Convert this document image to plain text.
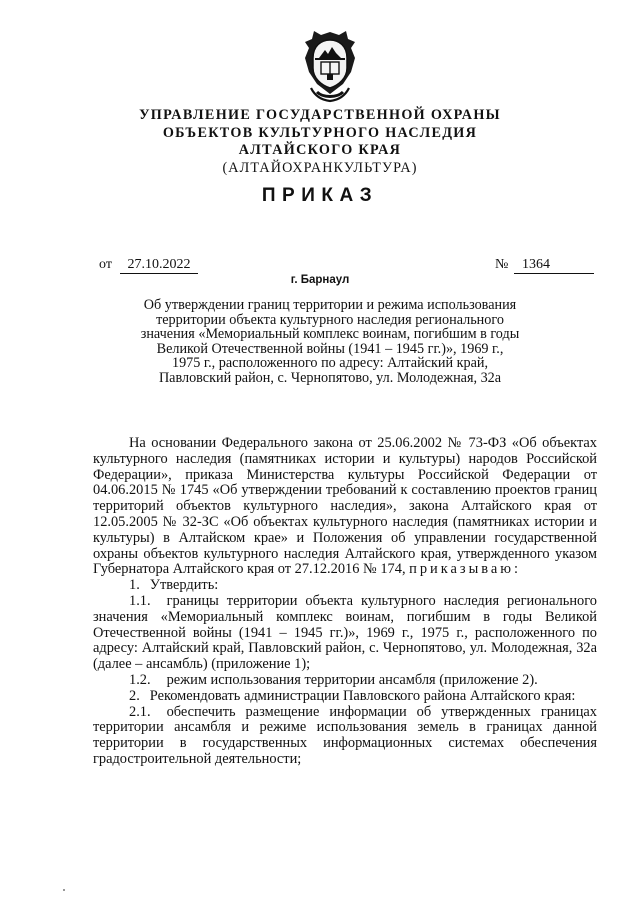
УПРАВЛЕНИЕ ГОСУДАРСТВЕННОЙ ОХРАНЫ
ОБЪЕКТОВ КУЛЬТУРНОГО НАСЛЕДИЯ
АЛТАЙСКОГО КРАЯ
(АЛТАЙОХРАНКУЛЬТУРА)
ПРИКАЗ
от	27.10.2022	№ 1364
г. Барнаул
Об утверждении границ территории и режима использования
территории объекта культурного наследия регионального
значения «Мемориальный комплекс воинам, погибшим в годы
Великой Отечественной войны (1941 – 1945 гг.)», 1969 г.,
1975 г., расположенного по адресу: Алтайский край,
Павловский район, с. Чернопятово, ул. Молодежная, 32а

На основании Федерального закона от 25.06.2002 № 73-ФЗ «Об объектах культурного наследия (памятниках истории и культуры) народов Российской Федерации», приказа Министерства культуры Российской Федерации от 04.06.2015 № 1745 «Об утверждении требований к составлению проектов границ территорий объектов культурного наследия», закона Алтайского края от 12.05.2005 № 32-ЗС «Об объектах культурного наследия (памятниках истории и культуры) в Алтайском крае» и Положения об управлении государственной охраны объектов культурного наследия Алтайского края, утвержденного указом Губернатора Алтайского края от 27.12.2016 № 174, приказываю:

1. Утвердить:

1.1. границы территории объекта культурного наследия регионального значения «Мемориальный комплекс воинам, погибшим в годы Великой Отечественной войны (1941 – 1945 гг.)», 1969 г., 1975 г., расположенного по адресу: Алтайский край, Павловский район, с. Чернопятово, ул. Молодежная, 32а (далее – ансамбль) (приложение 1);

1.2. режим использования территории ансамбля (приложение 2).

2. Рекомендовать администрации Павловского района Алтайского края:

2.1. обеспечить размещение информации об утвержденных границах территории ансамбля и режиме использования земель в границах данной территории в государственных информационных системах обеспечения градостроительной деятельности;
